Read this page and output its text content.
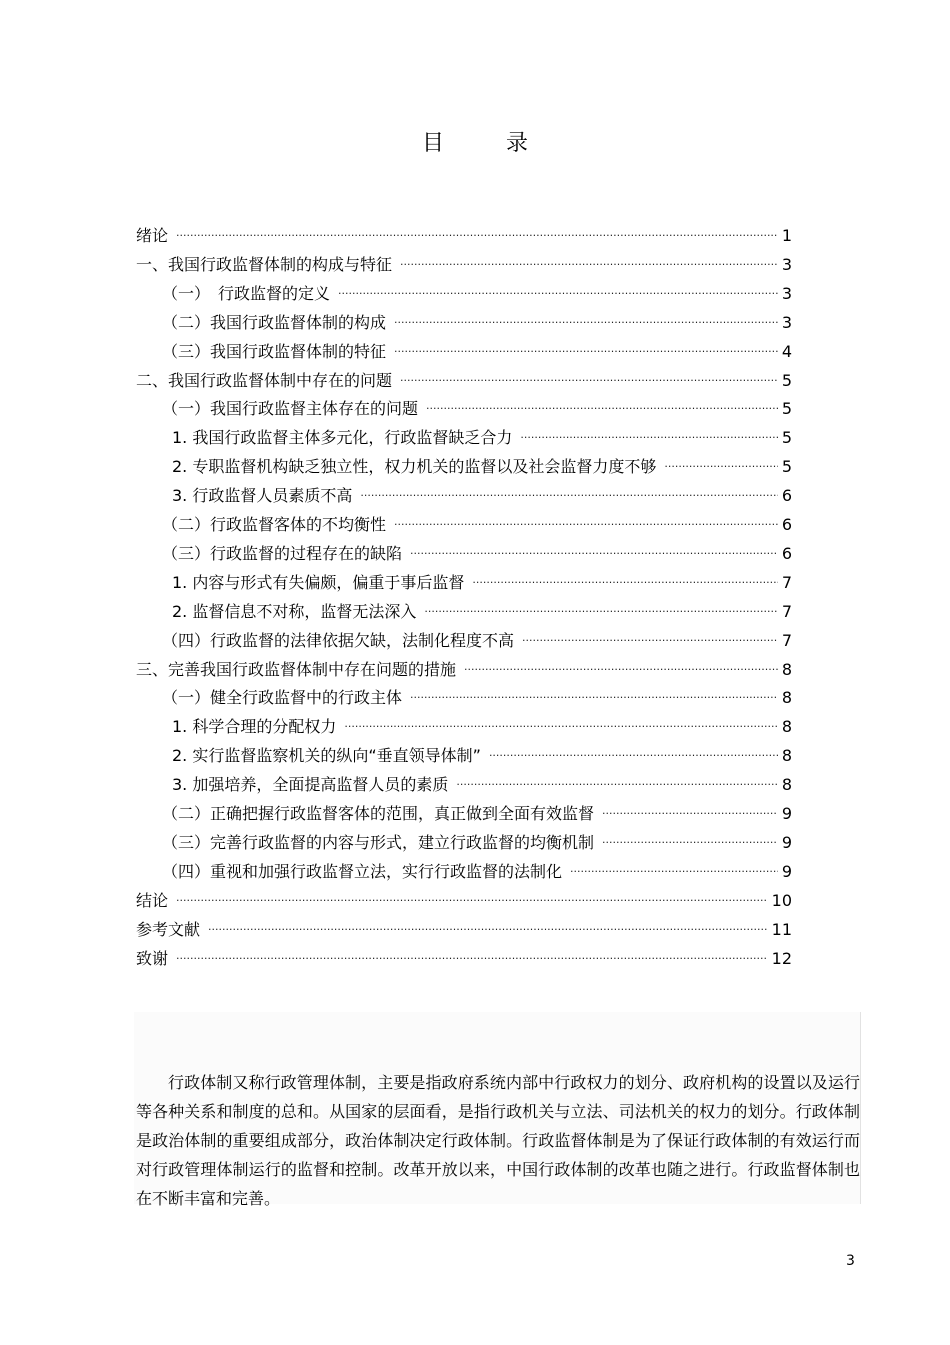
目	录
绪论 ·····	1
一、我国行政监督体制的构成与特征 ·····	3
（一）　行政监督的定义 ·····	3
（二）我国行政监督体制的构成 ·····	3
（三）我国行政监督体制的特征 ·····	4
二、我国行政监督体制中存在的问题 ·····	5
（一）我国行政监督主体存在的问题 ·····	5
1. 我国行政监督主体多元化，行政监督缺乏合力 ·····	5
2. 专职监督机构缺乏独立性，权力机关的监督以及社会监督力度不够 ·····	5
3. 行政监督人员素质不高 ·····	6
（二）行政监督客体的不均衡性 ·····	6
（三）行政监督的过程存在的缺陷 ·····	6
1. 内容与形式有失偏颇，偏重于事后监督 ·····	7
2. 监督信息不对称，监督无法深入 ·····	7
（四）行政监督的法律依据欠缺，法制化程度不高 ·····	7
三、完善我国行政监督体制中存在问题的措施 ·····	8
（一）健全行政监督中的行政主体 ·····	8
1. 科学合理的分配权力 ·····	8
2. 实行监督监察机关的纵向“垂直领导体制” ·····	8
3. 加强培养，全面提高监督人员的素质 ·····	8
（二）正确把握行政监督客体的范围，真正做到全面有效监督 ·····	9
（三）完善行政监督的内容与形式，建立行政监督的均衡机制 ·····	9
（四）重视和加强行政监督立法，实行行政监督的法制化 ·····	9
结论 ·····	10
参考文献 ·····	11
致谢 ·····	12

行政体制又称行政管理体制，主要是指政府系统内部中行政权力的划分、政府机构的设置以及运行等各种关系和制度的总和。从国家的层面看，是指行政机关与立法、司法机关的权力的划分。行政体制是政治体制的重要组成部分，政治体制决定行政体制。行政监督体制是为了保证行政体制的有效运行而对行政管理体制运行的监督和控制。改革开放以来，中国行政体制的改革也随之进行。行政监督体制也在不断丰富和完善。

3
